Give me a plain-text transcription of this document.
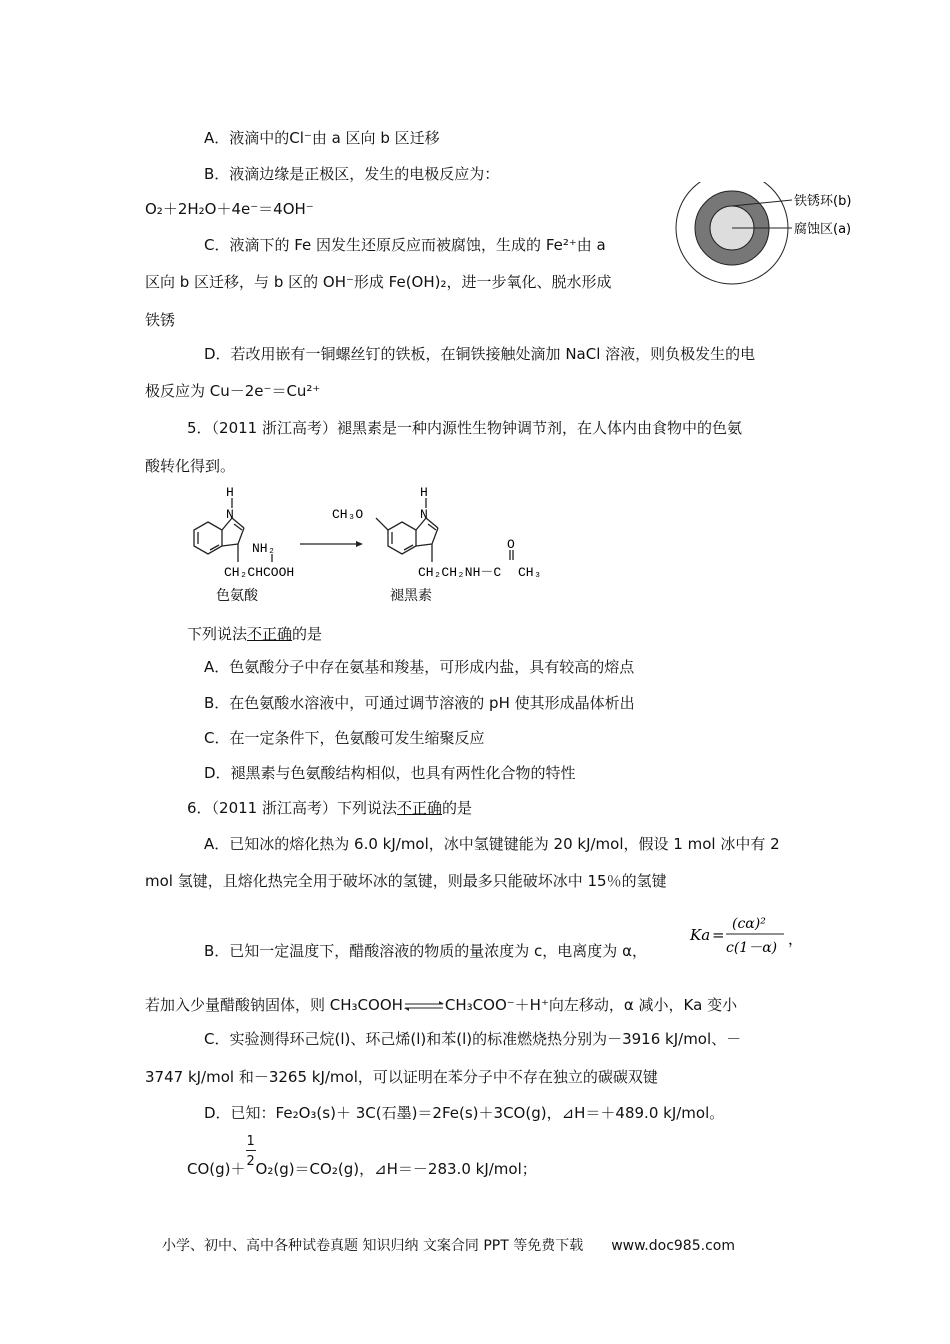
A．液滴中的Cl⁻由 a 区向 b 区迁移
B．液滴边缘是正极区，发生的电极反应为：
O₂＋2H₂O＋4e⁻＝4OH⁻
C．液滴下的 Fe 因发生还原反应而被腐蚀，生成的 Fe²⁺由 a
区向 b 区迁移，与 b 区的 OH⁻形成 Fe(OH)₂，进一步氧化、脱水形成
铁锈
D．若改用嵌有一铜螺丝钉的铁板，在铜铁接触处滴加 NaCl 溶液，则负极发生的电
极反应为 Cu－2e⁻＝Cu²⁺
铁锈环(b)
腐蚀区(a)
5．（2011 浙江高考）褪黑素是一种内源性生物钟调节剂，在人体内由食物中的色氨
酸转化得到。
H
N
NH₂
CH₂CHCOOH
色氨酸
CH₃O
H
N
O
CH₂CH₂NH－C CH₃
褪黑素
下列说法不正确的是
A．色氨酸分子中存在氨基和羧基，可形成内盐，具有较高的熔点
B．在色氨酸水溶液中，可通过调节溶液的 pH 使其形成晶体析出
C．在一定条件下，色氨酸可发生缩聚反应
D．褪黑素与色氨酸结构相似，也具有两性化合物的特性
6．（2011 浙江高考）下列说法不正确的是
A．已知冰的熔化热为 6.0 kJ/mol，冰中氢键键能为 20 kJ/mol，假设 1 mol 冰中有 2
mol 氢键，且熔化热完全用于破坏冰的氢键，则最多只能破坏冰中 15％的氢键
B．已知一定温度下，醋酸溶液的物质的量浓度为 c，电离度为 α，
Ka =
(cα)²
c(1－α) ，
若加入少量醋酸钠固体，则 CH₃COOH⇌CH₃COO⁻＋H⁺向左移动，α 减小，Ka 变小
C．实验测得环己烷(l)、环己烯(l)和苯(l)的标准燃烧热分别为－3916 kJ/mol、－
3747 kJ/mol 和－3265 kJ/mol，可以证明在苯分子中不存在独立的碳碳双键
D．已知：Fe₂O₃(s)＋ 3C(石墨)＝2Fe(s)＋3CO(g)，⊿H＝＋489.0 kJ/mol。
$CO(g)+ \frac{1}{2} O_2(g)=CO_2(g)$，⊿H＝－283.0 kJ/mol；
小学、初中、高中各种试卷真题 知识归纳 文案合同 PPT 等免费下载　　www.doc985.com
